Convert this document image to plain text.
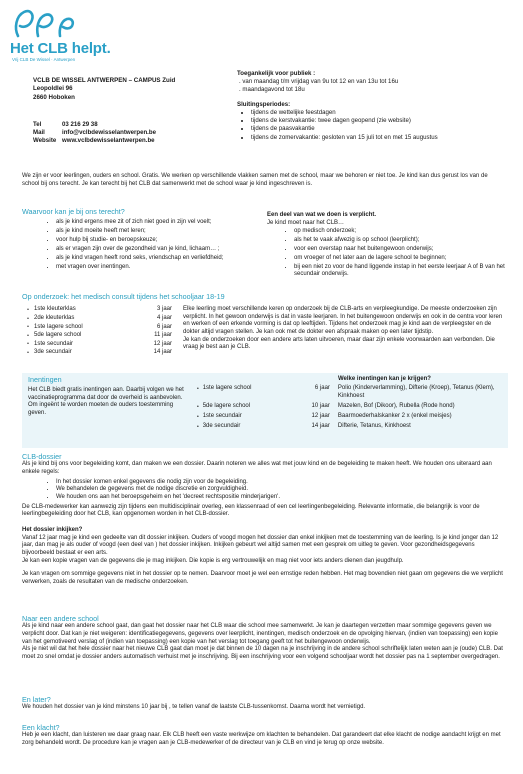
Het CLB helpt.
Vrij CLB De Wissel · Antwerpen
VCLB DE WISSEL ANTWERPEN – CAMPUS Zuid
Leopoldlei 96
2660 Hoboken
Tel	03 216 29 38
Mail	info@vclbdewisselantwerpen.be
Website www.vclbdewisselantwerpen.be
Toegankelijk voor publiek :
. van maandag t/m vrijdag van 9u tot 12 en van 13u tot 16u
. maandagavond tot 18u
Sluitingsperiodes:
• tijdens de wettelijke feestdagen
• tijdens de kerstvakantie: twee dagen geopend (zie website)
• tijdens de paasvakantie
• tijdens de zomervakantie: gesloten van 15 juli tot en met 15 augustus
We zijn er voor leerlingen, ouders en school. Gratis. We werken op verschillende vlakken samen met de school, maar we behoren er niet toe. Je kind kan dus gerust los van de school bij ons terecht. Je kan terecht bij het CLB dat samenwerkt met de school waar je kind ingeschreven is.
Waarvoor kan je bij ons terecht?
• als je kind ergens mee zit of zich niet goed in zijn vel voelt;
• als je kind moeite heeft met leren;
• voor hulp bij studie- en beroepskeuze;
• als er vragen zijn over de gezondheid van je kind, lichaam… ;
• als je kind vragen heeft rond seks, vriendschap en verliefdheid;
• met vragen over inentingen.
Een deel van wat we doen is verplicht.
Je kind moet naar het CLB…
• op medisch onderzoek;
• als het te vaak afwezig is op school (leerplicht);
• voor een overstap naar het buitengewoon onderwijs;
• om vroeger of net later aan de lagere school te beginnen;
• bij een niet zo voor de hand liggende instap in het eerste leerjaar A of B van het secundair onderwijs.
Op onderzoek: het medisch consult tijdens het schooljaar 18-19
• 1ste kleuterklas	3 jaar
• 2de kleuterklas	4 jaar
• 1ste lagere school	6 jaar
• 5de lagere school	11 jaar
• 1ste secundair	12 jaar
• 3de secundair	14 jaar
Elke leerling moet verschillende keren op onderzoek bij de CLB-arts en verpleegkundige. De meeste onderzoeken zijn verplicht. In het gewoon onderwijs is dat in vaste leerjaren. In het buitengewoon onderwijs en ook in de centra voor leren en werken of een erkende vorming is dat op leeftijden. Tijdens het onderzoek mag je kind aan de verpleegster en de dokter altijd vragen stellen. Je kan ook met de dokter een afspraak maken op een later tijdstip.
Je kan de onderzoeken door een andere arts laten uitvoeren, maar daar zijn enkele voorwaarden aan verbonden. Die vraag je best aan je CLB.
Inentingen
Het CLB biedt gratis inentingen aan. Daarbij volgen we het vaccinatieprogramma dat door de overheid is aanbevolen.
Om ingeënt te worden moeten de ouders toestemming geven.
Welke inentingen kan je krijgen?
• 1ste lagere school	6 jaar	Polio (Kinderverlamming), Difterie (Kroep), Tetanus (Klem), Kinkhoest
• 5de lagere school	10 jaar	Mazelen, Bof (Dikoor), Rubella (Rode hond)
• 1ste secundair	12 jaar	Baarmoederhalskanker 2 x (enkel meisjes)
• 3de secundair	14 jaar	Difterie, Tetanus, Kinkhoest
CLB-dossier

Als je kind bij ons voor begeleiding komt, dan maken we een dossier. Daarin noteren we alles wat met jouw kind en de begeleiding te maken heeft. We houden ons uiteraard aan enkele regels:

• In het dossier komen enkel gegevens die nodig zijn voor de begeleiding.
• We behandelen de gegevens met de nodige discretie en zorgvuldigheid.
• We houden ons aan het beroepsgeheim en het 'decreet rechtspositie minderjarigen'.

De CLB-medewerker kan aanwezig zijn tijdens een multidisciplinair overleg, een klassenraad of een cel leerlingenbegeleiding. Relevante informatie, die belangrijk is voor de leerlingbegeleiding door het CLB, kan opgenomen worden in het CLB-dossier.

Het dossier inkijken?

Vanaf 12 jaar mag je kind een gedeelte van dit dossier inkijken. Ouders of voogd mogen het dossier dan enkel inkijken met de toestemming van de leerling. Is je kind jonger dan 12 jaar, dan mag je als ouder of voogd (een deel van ) het dossier inkijken. Inkijken gebeurt wel altijd samen met een gesprek om uitleg te geven. Voor gezondheidsgegevens bijvoorbeeld bestaat er een arts.

Je kan een kopie vragen van de gegevens die je mag inkijken. Die kopie is erg vertrouwelijk en mag niet voor iets anders dienen dan jeugdhulp.

Je kan vragen om sommige gegevens niet in het dossier op te nemen. Daarvoor moet je wel een ernstige reden hebben. Het mag bovendien niet gaan om gegevens die we verplicht verwerken, zoals de resultaten van de medische onderzoeken.

Naar een andere school

Als je kind naar een andere school gaat, dan gaat het dossier naar het CLB waar die school mee samenwerkt. Je kan je daartegen verzetten maar sommige gegevens geven we verplicht door. Dat kan je niet weigeren: identificatiegegevens, gegevens over leerplicht, inentingen, medisch onderzoek en de opvolging hiervan, (indien van toepassing) een kopie van het gemotiveerd verslag of (indien van toepassing) een kopie van het verslag tot toegang geeft tot het buitengewoon onderwijs.

Als je niet wil dat het hele dossier naar het nieuwe CLB gaat dan moet je dat binnen de 10 dagen na je inschrijving in de andere school schriftelijk laten weten aan je (oude) CLB. Dat moet zo snel omdat je dossier anders automatisch verhuist met je inschrijving. Bij een inschrijving voor een volgend schooljaar wordt het dossier pas na 1 september overgedragen.

En later?

We houden het dossier van je kind minstens 10 jaar bij , te tellen vanaf de laatste CLB-tussenkomst. Daarna wordt het vernietigd.

Een klacht?

Heb je een klacht, dan luisteren we daar graag naar. Elk CLB heeft een vaste werkwijze om klachten te behandelen. Dat garandeert dat elke klacht de nodige aandacht krijgt en met zorg behandeld wordt. De procedure kan je vragen aan je CLB-medewerker of de directeur van je CLB en vind je terug op onze website.
